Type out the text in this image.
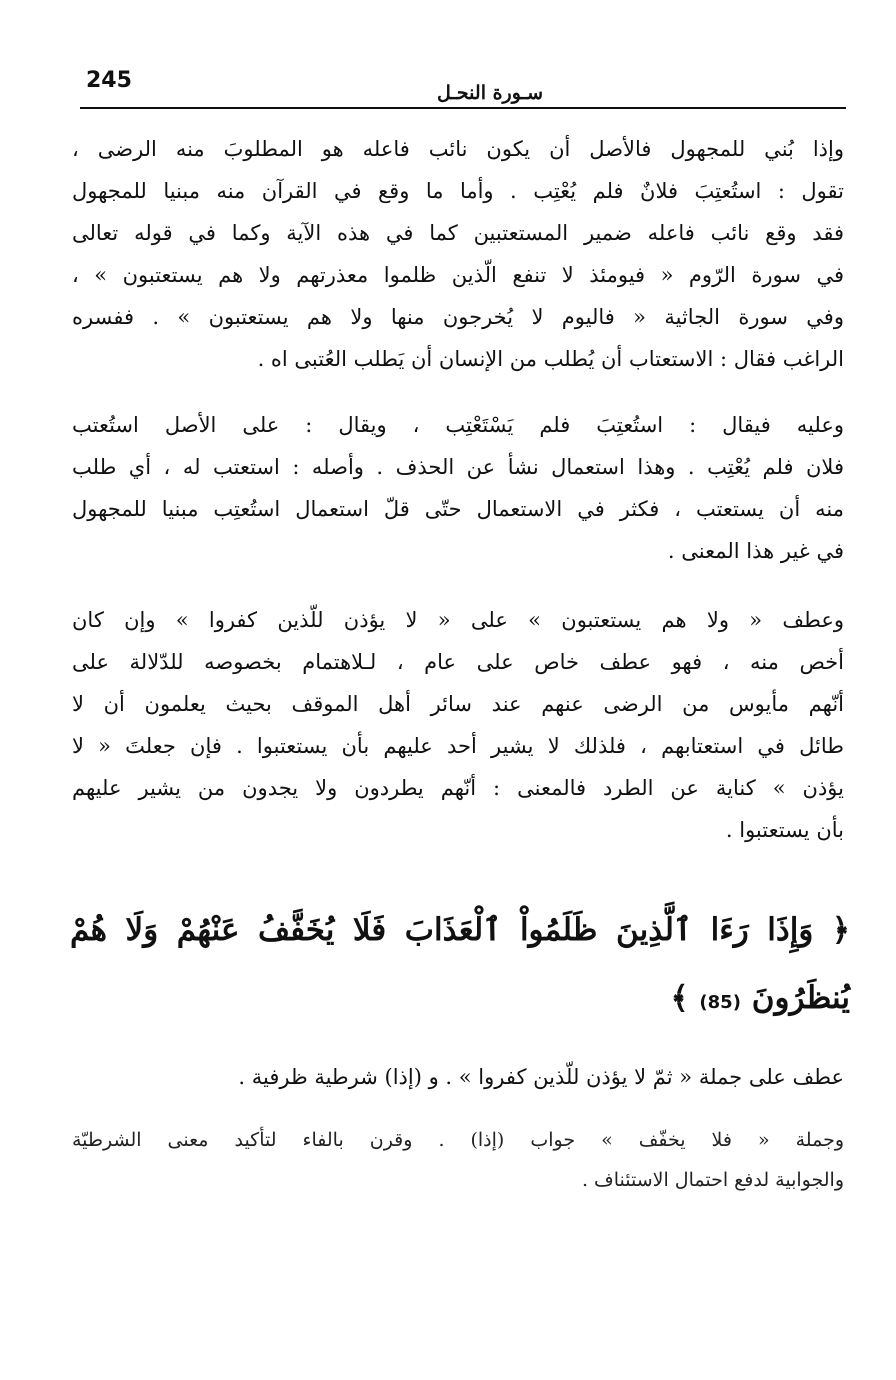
245	سـورة النحـل

وإذا بُني للمجهول فالأصل أن يكون نائب فاعله هو المطلوبَ منه الرضى ،
تقول : استُعتِبَ فلانٌ فلم يُعْتِب . وأما ما وقع في القرآن منه مبنيا للمجهول
فقد وقع نائب فاعله ضمير المستعتبين كما في هذه الآية وكما في قوله تعالى
في سورة الرّوم « فيومئذ لا تنفع الّذين ظلموا معذرتهم ولا هم يستعتبون » ،
وفي سورة الجاثية « فاليوم لا يُخرجون منها ولا هم يستعتبون » . ففسره
الراغب فقال : الاستعتاب أن يُطلب من الإنسان أن يَطلب العُتبى اه .

وعليه فيقال : استُعتِبَ فلم يَسْتَعْتِب ، ويقال : على الأصل استُعتب
فلان فلم يُعْتِب . وهذا استعمال نشأ عن الحذف . وأصله : استعتب له ، أي طلب
منه أن يستعتب ، فكثر في الاستعمال حتّى قلّ استعمال استُعتِب مبنيا للمجهول
في غير هذا المعنى .

وعطف « ولا هم يستعتبون » على « لا يؤذن للّذين كفروا » وإن كان
أخص منه ، فهو عطف خاص على عام ، لـلاهتمام بخصوصه للدّلالة على
أنّهم مأيوس من الرضى عنهم عند سائر أهل الموقف بحيث يعلمون أن لا
طائل في استعتابهم ، فلذلك لا يشير أحد عليهم بأن يستعتبوا . فإن جعلتَ « لا
يؤذن » كناية عن الطرد فالمعنى : أنّهم يطردون ولا يجدون من يشير عليهم
بأن يستعتبوا .

﴿ وَإِذَا رَءَا ٱلَّذِينَ ظَلَمُواْ ٱلْعَذَابَ فَلَا يُخَفَّفُ عَنْهُمْ وَلَا هُمْ
يُنظَرُونَ (85) ﴾

عطف على جملة « ثمّ لا يؤذن للّذين كفروا » . و (إذا) شرطية ظرفية .

وجملة « فلا يخفّف » جواب (إذا) . وقرن بالفاء لتأكيد معنى الشرطيّة
والجوابية لدفع احتمال الاستئناف .
